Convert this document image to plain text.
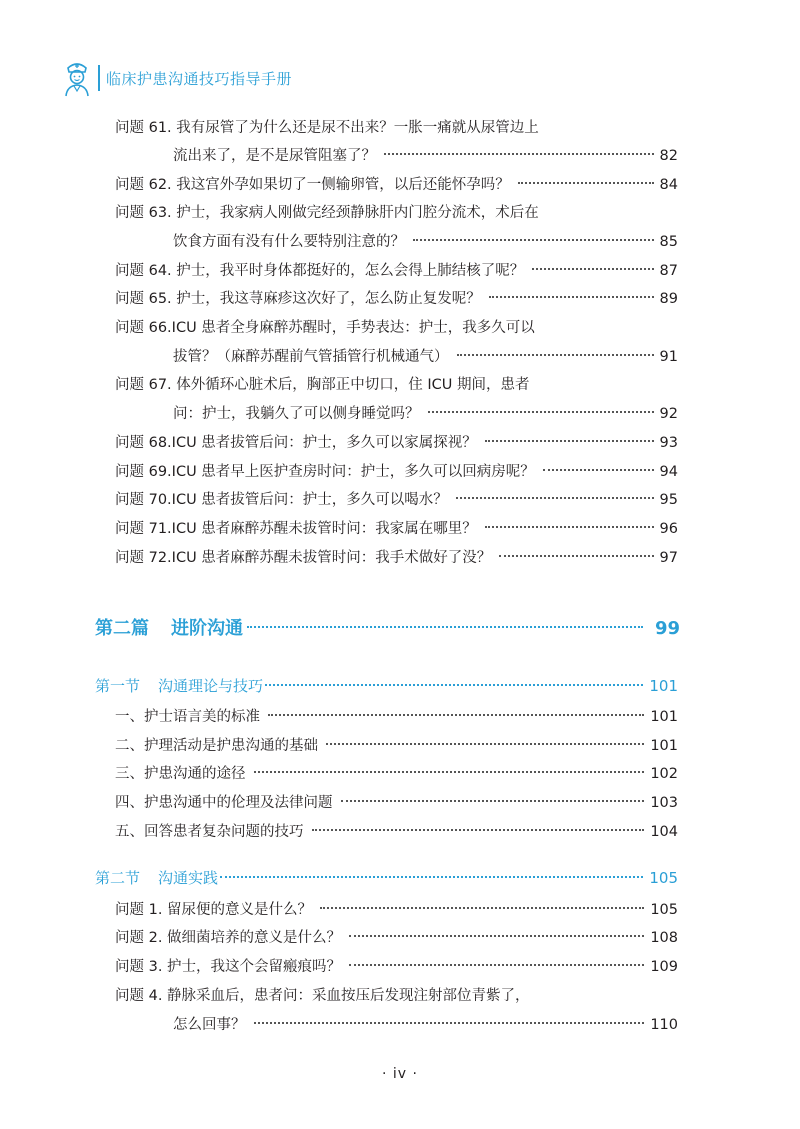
临床护患沟通技巧指导手册
问题 61. 我有尿管了为什么还是尿不出来？一胀一痛就从尿管边上
流出来了，是不是尿管阻塞了？	82
问题 62. 我这宫外孕如果切了一侧输卵管，以后还能怀孕吗？	84
问题 63. 护士，我家病人刚做完经颈静脉肝内门腔分流术，术后在
饮食方面有没有什么要特别注意的？	85
问题 64. 护士，我平时身体都挺好的，怎么会得上肺结核了呢？	87
问题 65. 护士，我这荨麻疹这次好了，怎么防止复发呢？	89
问题 66.ICU 患者全身麻醉苏醒时，手势表达：护士，我多久可以
拔管？（麻醉苏醒前气管插管行机械通气）	91
问题 67. 体外循环心脏术后，胸部正中切口，住 ICU 期间，患者
问：护士，我躺久了可以侧身睡觉吗？	92
问题 68.ICU 患者拔管后问：护士，多久可以家属探视？	93
问题 69.ICU 患者早上医护查房时问：护士，多久可以回病房呢？	94
问题 70.ICU 患者拔管后问：护士，多久可以喝水？	95
问题 71.ICU 患者麻醉苏醒未拔管时问：我家属在哪里？	96
问题 72.ICU 患者麻醉苏醒未拔管时问：我手术做好了没？	97
第二篇 进阶沟通	99
第一节 沟通理论与技巧	101
一、护士语言美的标准	101
二、护理活动是护患沟通的基础	101
三、护患沟通的途径	102
四、护患沟通中的伦理及法律问题	103
五、回答患者复杂问题的技巧	104
第二节 沟通实践	105
问题 1. 留尿便的意义是什么？	105
问题 2. 做细菌培养的意义是什么？	108
问题 3. 护士，我这个会留瘢痕吗？	109
问题 4. 静脉采血后，患者问：采血按压后发现注射部位青紫了，
怎么回事？	110
· iv ·
